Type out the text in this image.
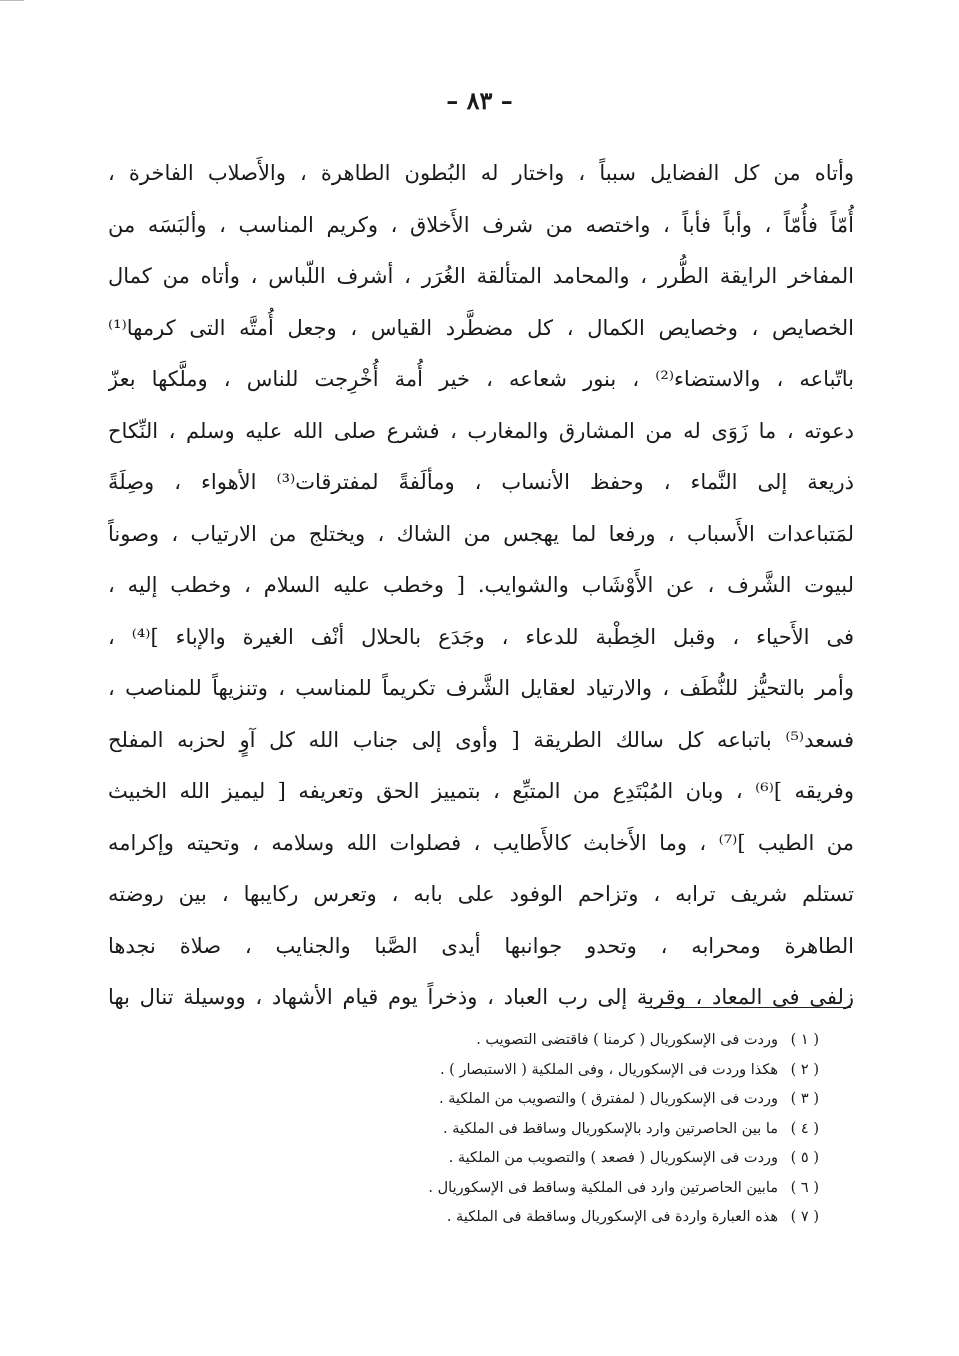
– ٨٣ –
وأتاه من كل الفضايل سبباً ، واختار له البُطون الطاهرة ، والأَصلاب الفاخرة ،
أُمّاً فأُمّاً ، وأباً فأباً ، واختصه من شرف الأَخلاق ، وكريم المناسب ، وألبَسَه من
المفاخر الرايقة الطُّرر ، والمحامد المتألقة الغُرَر ، أشرف اللّباس ، وأتاه من كمال
الخصايص ، وخصايص الكمال ، كل مضطَّرد القياس ، وجعل أُمتَّه التى كرمها⁽¹⁾
باتّباعه ، والاستضاء⁽²⁾ ، بنور شعاعه ، خير أُمة أُخْرِجت للناس ، وملَّكها بعزّ
دعوته ، ما زَوَى له من المشارق والمغارب ، فشرع صلى الله عليه وسلم ، النِّكاح
ذريعة إلى النَّماء ، وحفظ الأنساب ، ومألَفةً لمفترقات⁽³⁾ الأهواء ، وصِلَةً
لمَتباعدات الأَسباب ، ورفعا لما يهجس من الشاك ، ويختلج من الارتياب ، وصوناً
لبيوت الشَّرف ، عن الأَوْشَاب والشوايب. [ وخطب عليه السلام ، وخطب إليه ،
فى الأَحياء ، وقبل الخِطْبة للدعاء ، وجَدَع بالحلال أنْف الغيرة والإباء ]⁽⁴⁾ ،
وأمر بالتحيُّز للنُّطَف ، والارتياد لعقايل الشَّرف تكريماً للمناسب ، وتنزيهاً للمناصب ،
فسعد⁽⁵⁾ باتباعه كل سالك الطريقة [ وأوى إلى جناب الله كل آوٍ لحزبه المفلح
وفريقه ]⁽⁶⁾ ، وبان المُبْتَدِع من المتبِّع ، بتمييز الحق وتعريفه [ ليميز الله الخبيث
من الطيب ]⁽⁷⁾ ، وما الأَخابث كالأَطايب ، فصلوات الله وسلامه ، وتحيته وإكرامه
تستلم شريف ترابه ، وتزاحم الوفود على بابه ، وتعرس ركايبها ، بين روضته
الطاهرة ومحرابه ، وتحدو جوانبها أيدى الصَّبا والجنايب ، صلاة نجدها
زلفى فى المعاد ، وقربة إلى رب العباد ، وذخراً يوم قيام الأشهاد ، ووسيلة تنال بها
( ١ ) وردت فى الإسكوريال ( كرمنا ) فاقتضى التصويب .
( ٢ ) هكذا وردت فى الإسكوريال ، وفى الملكية ( الاستبصار ) .
( ٣ ) وردت فى الإسكوريال ( لمفترق ) والتصويب من الملكية .
( ٤ ) ما بين الحاصرتين وارد بالإسكوريال وساقط فى الملكية .
( ٥ ) وردت فى الإسكوريال ( فصعد ) والتصويب من الملكية .
( ٦ ) مابين الحاصرتين وارد فى الملكية وساقط فى الإسكوريال .
( ٧ ) هذه العبارة واردة فى الإسكوريال وساقطة فى الملكية .
